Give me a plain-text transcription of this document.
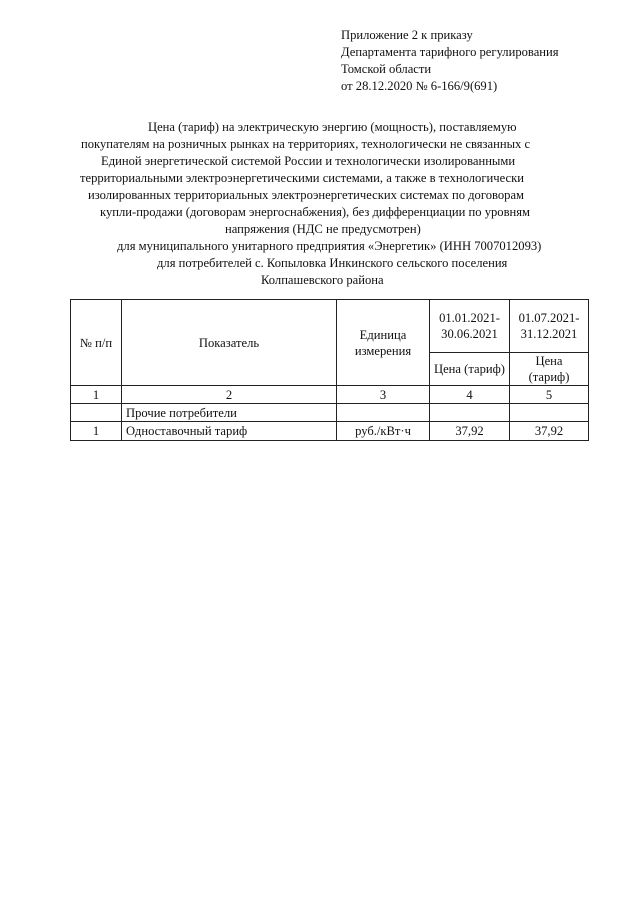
Приложение 2 к приказу
Департамента тарифного регулирования
Томской области
от 28.12.2020 № 6-166/9(691)
Цена (тариф) на электрическую энергию (мощность), поставляемую
покупателям на розничных рынках на территориях, технологически не связанных с
Единой энергетической системой России и технологически изолированными
территориальными электроэнергетическими системами, а также в технологически
изолированных территориальных электроэнергетических системах по договорам
купли-продажи (договорам энергоснабжения), без дифференциации по уровням
напряжения (НДС не предусмотрен)
для муниципального унитарного предприятия «Энергетик» (ИНН 7007012093)
для потребителей с. Копыловка Инкинского сельского поселения
Колпашевского района
№ п/п	Показатель	Единица измерения	01.01.2021-30.06.2021	01.07.2021-31.12.2021
			Цена (тариф)	Цена (тариф)
1	2	3	4	5
	Прочие потребители			
1	Одноставочный тариф	руб./кВт·ч	37,92	37,92
